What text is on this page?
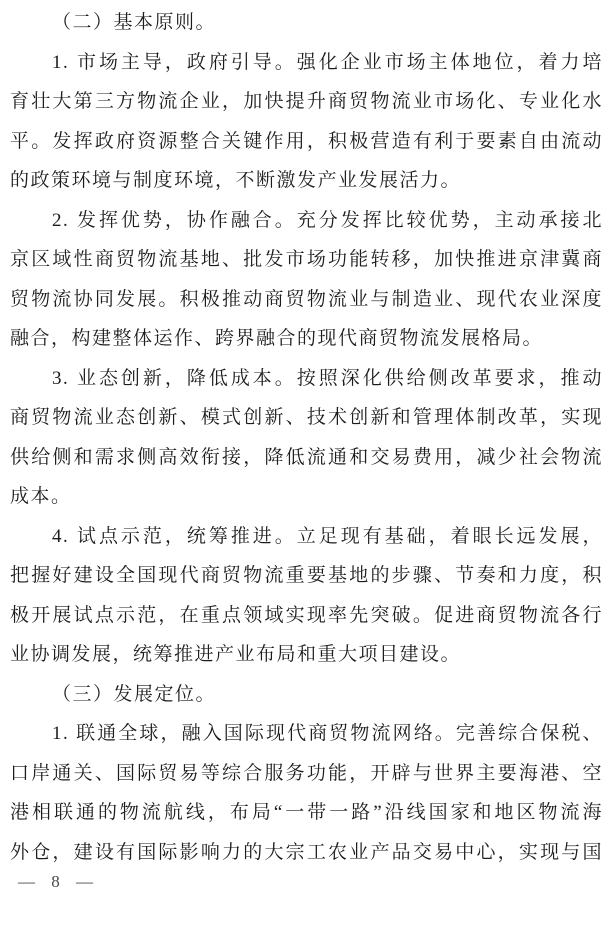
（二）基本原则。
1. 市场主导，政府引导。强化企业市场主体地位，着力培
育壮大第三方物流企业，加快提升商贸物流业市场化、专业化水
平。发挥政府资源整合关键作用，积极营造有利于要素自由流动
的政策环境与制度环境，不断激发产业发展活力。
2. 发挥优势，协作融合。充分发挥比较优势，主动承接北
京区域性商贸物流基地、批发市场功能转移，加快推进京津冀商
贸物流协同发展。积极推动商贸物流业与制造业、现代农业深度
融合，构建整体运作、跨界融合的现代商贸物流发展格局。
3. 业态创新，降低成本。按照深化供给侧改革要求，推动
商贸物流业态创新、模式创新、技术创新和管理体制改革，实现
供给侧和需求侧高效衔接，降低流通和交易费用，减少社会物流
成本。
4. 试点示范，统筹推进。立足现有基础，着眼长远发展，
把握好建设全国现代商贸物流重要基地的步骤、节奏和力度，积
极开展试点示范，在重点领域实现率先突破。促进商贸物流各行
业协调发展，统筹推进产业布局和重大项目建设。
（三）发展定位。
1. 联通全球，融入国际现代商贸物流网络。完善综合保税、
口岸通关、国际贸易等综合服务功能，开辟与世界主要海港、空
港相联通的物流航线，布局“一带一路”沿线国家和地区物流海
外仓，建设有国际影响力的大宗工农业产品交易中心，实现与国
— 8 —
